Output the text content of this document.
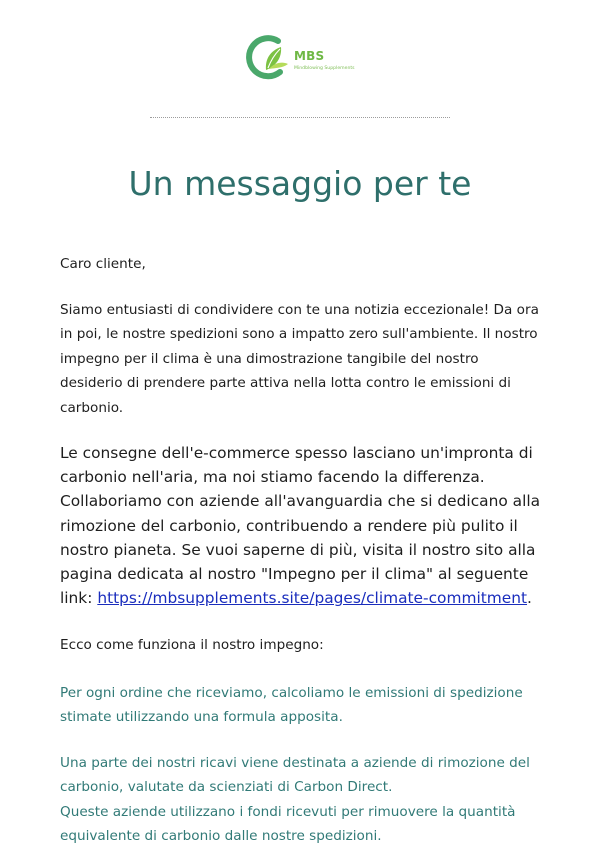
MBS
Mindblowing Supplements
Un messaggio per te

Caro cliente,

Siamo entusiasti di condividere con te una notizia eccezionale! Da ora in poi, le nostre spedizioni sono a impatto zero sull'ambiente. Il nostro impegno per il clima è una dimostrazione tangibile del nostro desiderio di prendere parte attiva nella lotta contro le emissioni di carbonio.

Le consegne dell'e-commerce spesso lasciano un'impronta di carbonio nell'aria, ma noi stiamo facendo la differenza. Collaboriamo con aziende all'avanguardia che si dedicano alla rimozione del carbonio, contribuendo a rendere più pulito il nostro pianeta. Se vuoi saperne di più, visita il nostro sito alla pagina dedicata al nostro "Impegno per il clima" al seguente link: https://mbsupplements.site/pages/climate-commitment.

Ecco come funziona il nostro impegno:

Per ogni ordine che riceviamo, calcoliamo le emissioni di spedizione stimate utilizzando una formula apposita.

Una parte dei nostri ricavi viene destinata a aziende di rimozione del carbonio, valutate da scienziati di Carbon Direct.

Queste aziende utilizzano i fondi ricevuti per rimuovere la quantità equivalente di carbonio dalle nostre spedizioni.
